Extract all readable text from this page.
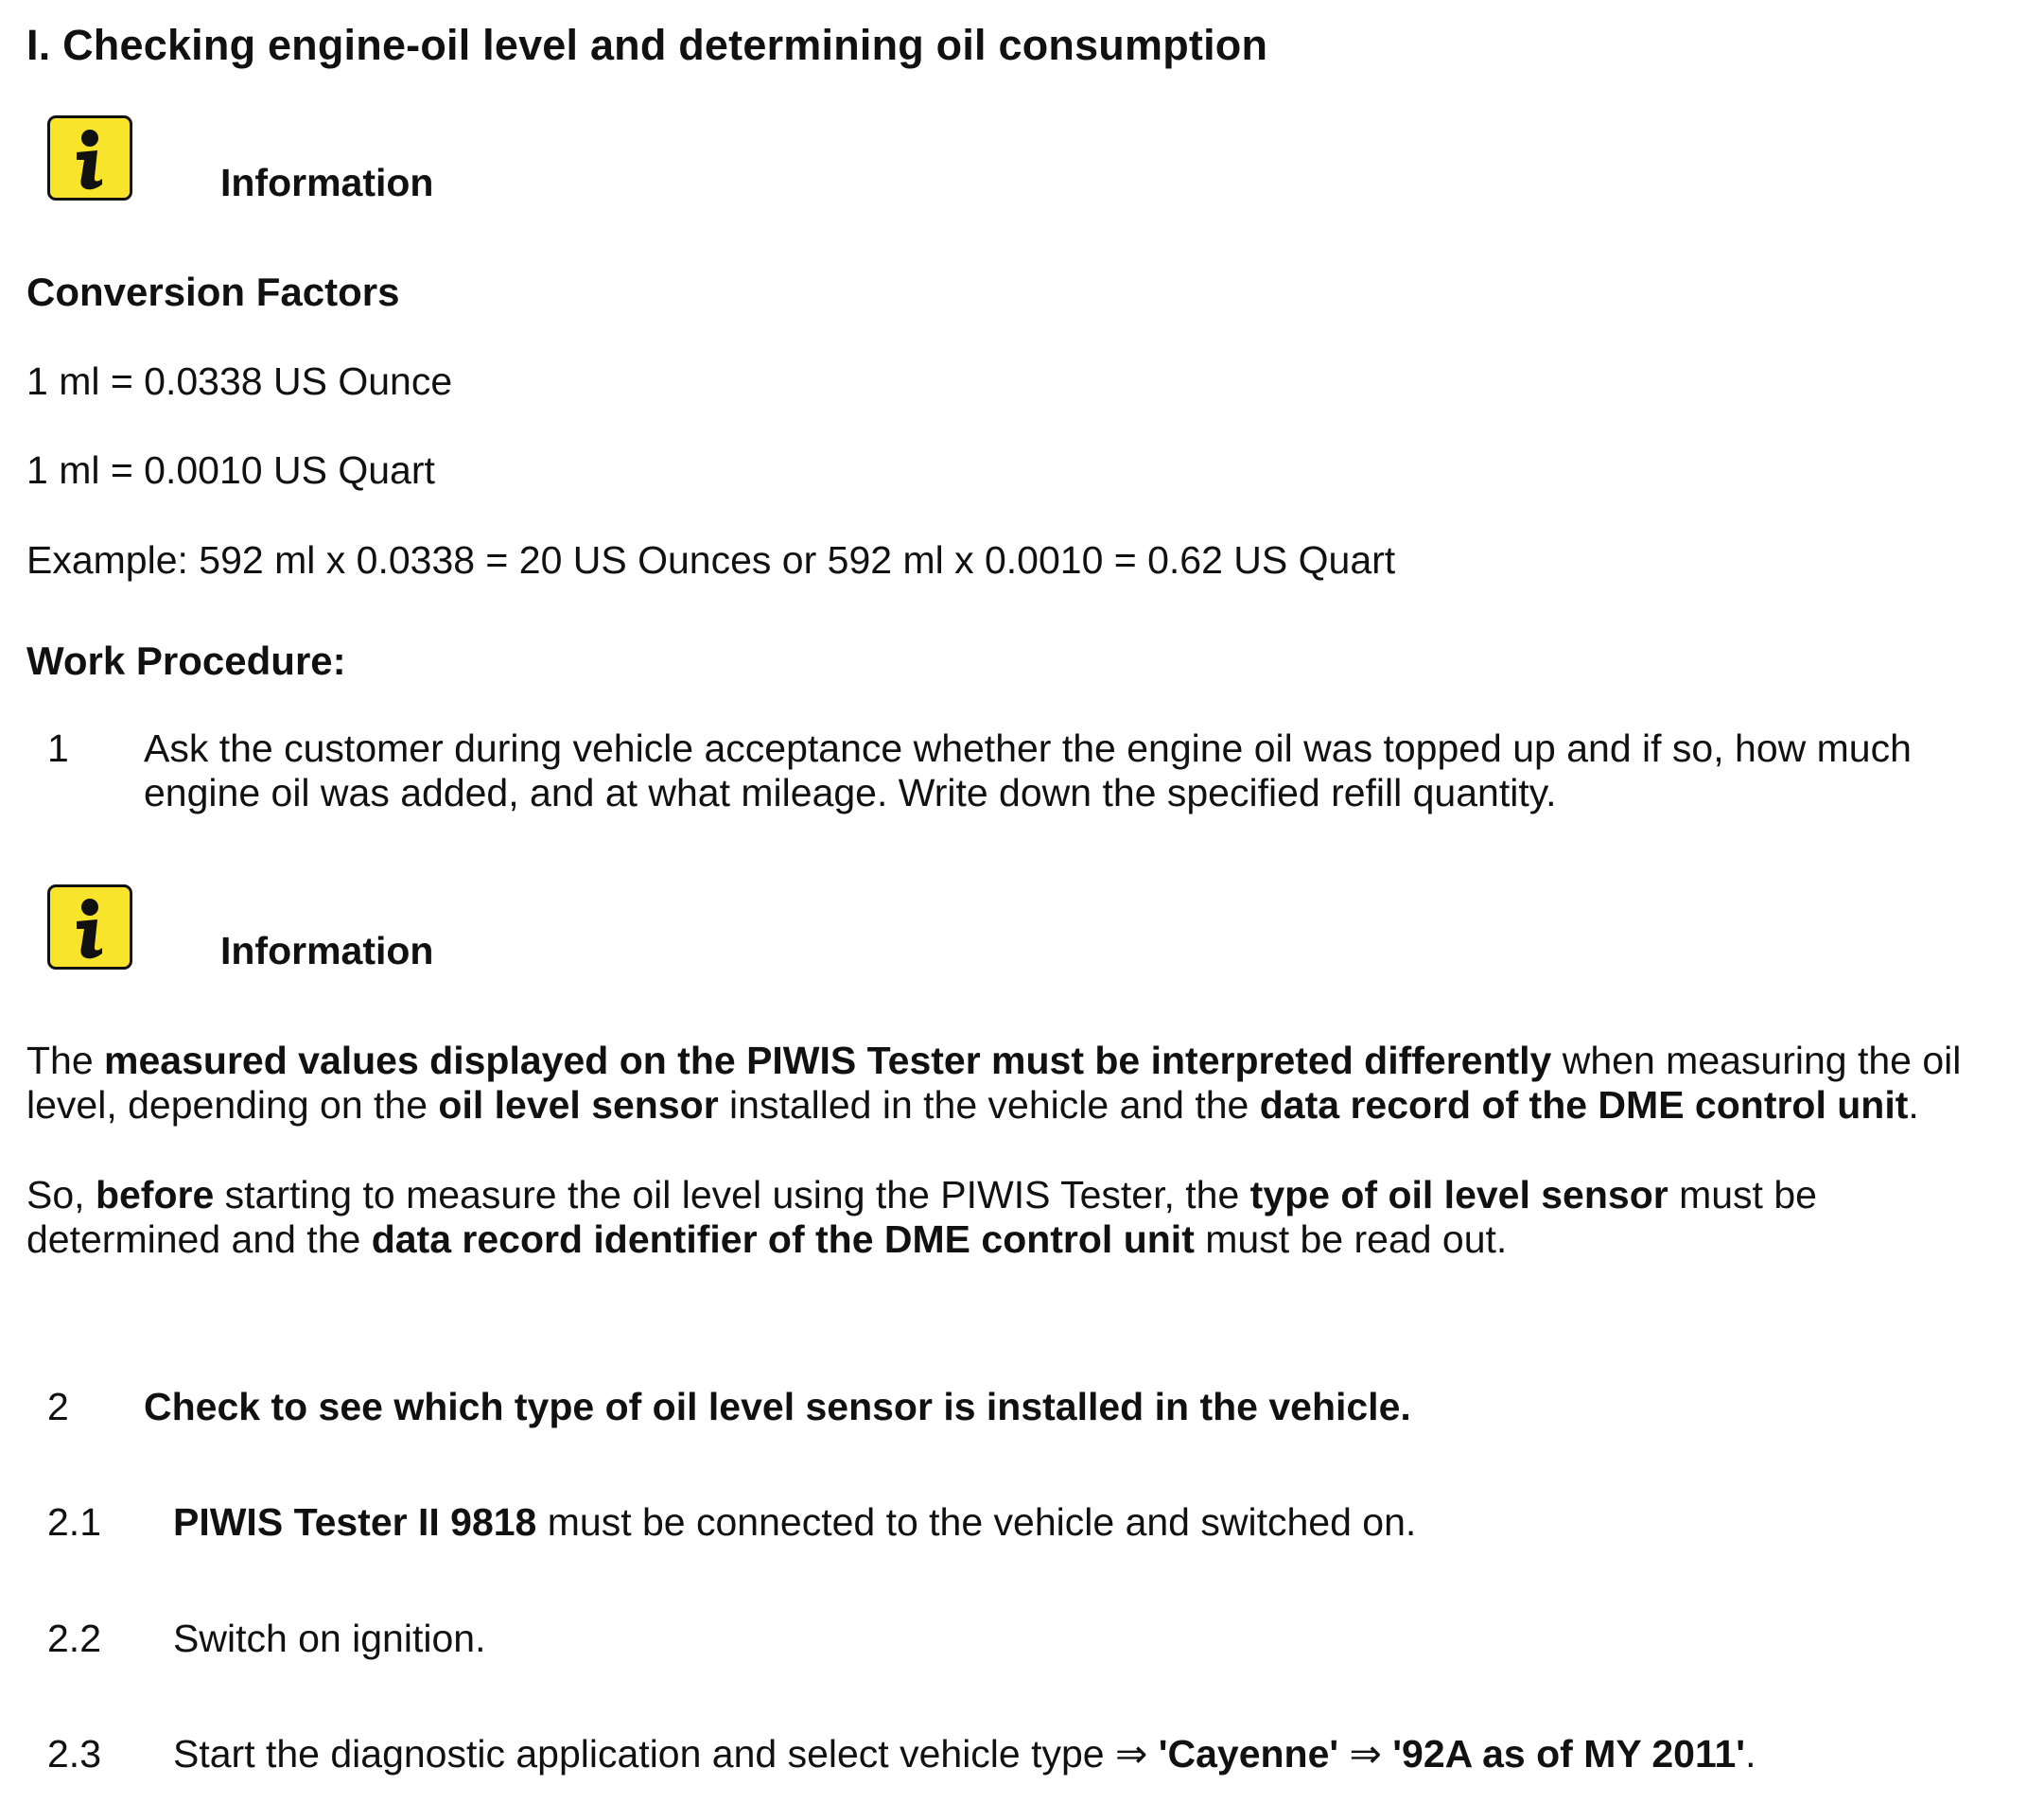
I. Checking engine-oil level and determining oil consumption
Information
Conversion Factors
1 ml = 0.0338 US Ounce
1 ml = 0.0010 US Quart
Example: 592 ml x 0.0338 = 20 US Ounces or 592 ml x 0.0010 = 0.62 US Quart
Work Procedure:
1 Ask the customer during vehicle acceptance whether the engine oil was topped up and if so, how much
engine oil was added, and at what mileage. Write down the specified refill quantity.
Information
The measured values displayed on the PIWIS Tester must be interpreted differently when measuring the oil level, depending on the oil level sensor installed in the vehicle and the data record of the DME control unit.
So, before starting to measure the oil level using the PIWIS Tester, the type of oil level sensor must be determined and the data record identifier of the DME control unit must be read out.
2 Check to see which type of oil level sensor is installed in the vehicle.
2.1 PIWIS Tester II 9818 must be connected to the vehicle and switched on.
2.2 Switch on ignition.
2.3 Start the diagnostic application and select vehicle type ⇒ 'Cayenne' ⇒ '92A as of MY 2011'.
